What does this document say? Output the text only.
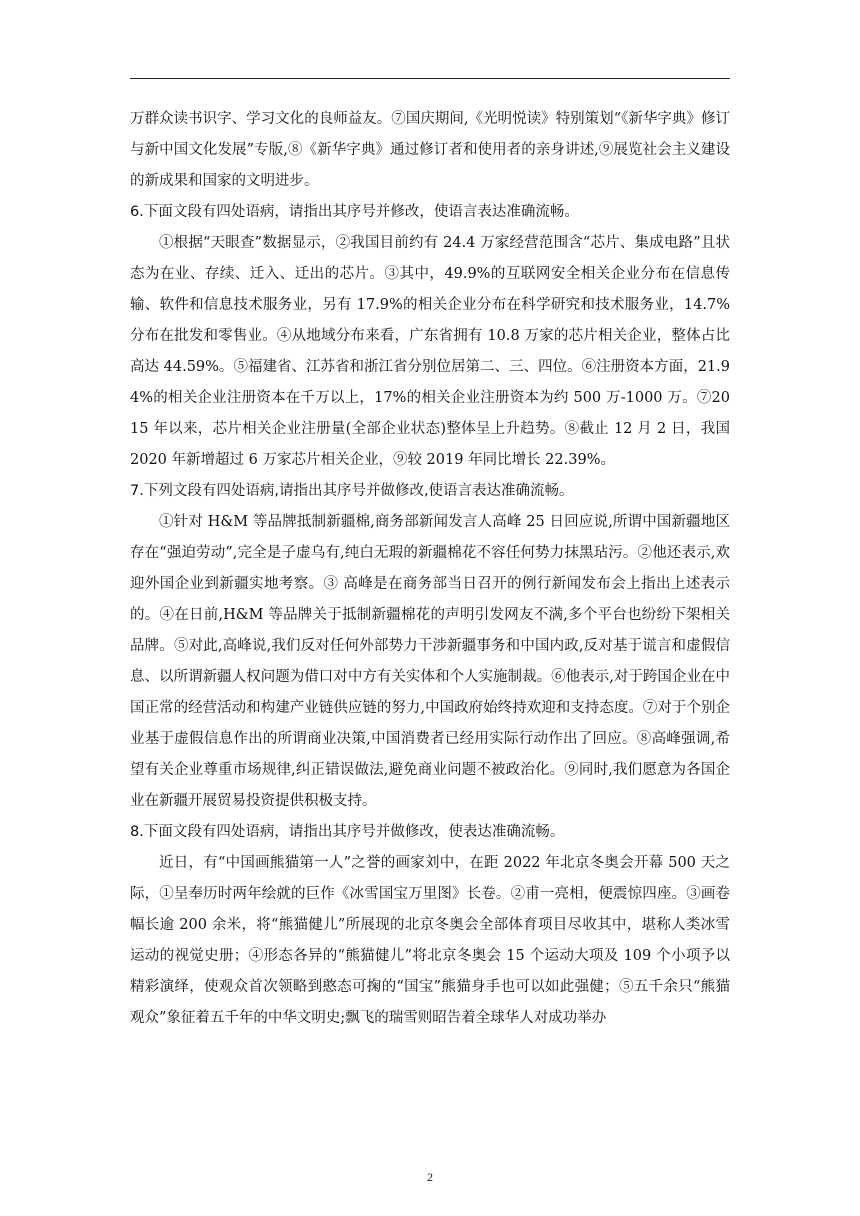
万群众读书识字、学习文化的良师益友。⑦国庆期间,《光明悦读》特别策划“《新华字典》修订与新中国文化发展”专版,⑧《新华字典》通过修订者和使用者的亲身讲述,⑨展览社会主义建设的新成果和国家的文明进步。

6.下面文段有四处语病，请指出其序号并修改，使语言表达准确流畅。

①根据“天眼查”数据显示，②我国目前约有 24.4 万家经营范围含“芯片、集成电路”且状态为在业、存续、迁入、迁出的芯片。③其中，49.9%的互联网安全相关企业分布在信息传输、软件和信息技术服务业，另有 17.9%的相关企业分布在科学研究和技术服务业，14.7%分布在批发和零售业。④从地域分布来看，广东省拥有 10.8 万家的芯片相关企业，整体占比高达 44.59%。⑤福建省、江苏省和浙江省分别位居第二、三、四位。⑥注册资本方面，21.94%的相关企业注册资本在千万以上，17%的相关企业注册资本为约 500 万-1000 万。⑦2015 年以来，芯片相关企业注册量(全部企业状态)整体呈上升趋势。⑧截止 12 月 2 日，我国 2020 年新增超过 6 万家芯片相关企业，⑨较 2019 年同比增长 22.39%。

7.下列文段有四处语病,请指出其序号并做修改,使语言表达准确流畅。

①针对 H&M 等品牌抵制新疆棉,商务部新闻发言人高峰 25 日回应说,所谓中国新疆地区存在“强迫劳动”,完全是子虚乌有,纯白无瑕的新疆棉花不容任何势力抹黑玷污。②他还表示,欢迎外国企业到新疆实地考察。③ 高峰是在商务部当日召开的例行新闻发布会上指出上述表示的。④在日前,H&M 等品牌关于抵制新疆棉花的声明引发网友不满,多个平台也纷纷下架相关品牌。⑤对此,高峰说,我们反对任何外部势力干涉新疆事务和中国内政,反对基于谎言和虚假信息、以所谓新疆人权问题为借口对中方有关实体和个人实施制裁。⑥他表示,对于跨国企业在中国正常的经营活动和构建产业链供应链的努力,中国政府始终持欢迎和支持态度。⑦对于个别企业基于虚假信息作出的所谓商业决策,中国消费者已经用实际行动作出了回应。⑧高峰强调,希望有关企业尊重市场规律,纠正错误做法,避免商业问题不被政治化。⑨同时,我们愿意为各国企业在新疆开展贸易投资提供积极支持。

8.下面文段有四处语病，请指出其序号并做修改，使表达准确流畅。

近日，有“中国画熊猫第一人”之誉的画家刘中，在距 2022 年北京冬奥会开幕 500 天之际，①呈奉历时两年绘就的巨作《冰雪国宝万里图》长卷。②甫一亮相，便震惊四座。③画卷幅长逾 200 余米，将“熊猫健儿”所展现的北京冬奥会全部体育项目尽收其中，堪称人类冰雪运动的视觉史册；④形态各异的“熊猫健儿”将北京冬奥会 15 个运动大项及 109 个小项予以精彩演绎，使观众首次领略到憨态可掬的“国宝”熊猫身手也可以如此强健；⑤五千余只“熊猫观众”象征着五千年的中华文明史;飘飞的瑞雪则昭告着全球华人对成功举办

2
